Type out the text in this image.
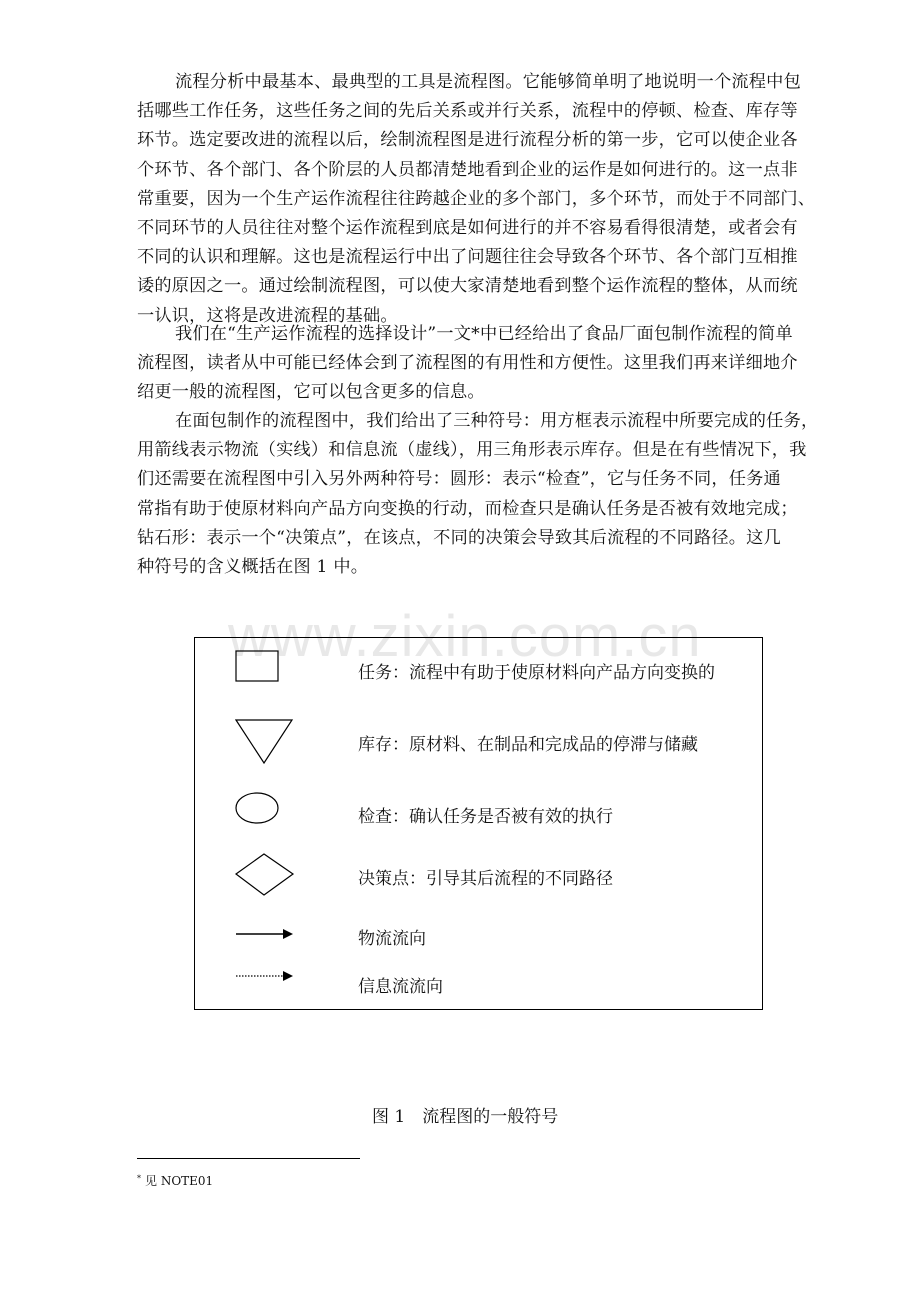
流程分析中最基本、最典型的工具是流程图。它能够简单明了地说明一个流程中包
括哪些工作任务，这些任务之间的先后关系或并行关系，流程中的停顿、检查、库存等
环节。选定要改进的流程以后，绘制流程图是进行流程分析的第一步，它可以使企业各
个环节、各个部门、各个阶层的人员都清楚地看到企业的运作是如何进行的。这一点非
常重要，因为一个生产运作流程往往跨越企业的多个部门，多个环节，而处于不同部门、
不同环节的人员往往对整个运作流程到底是如何进行的并不容易看得很清楚，或者会有
不同的认识和理解。这也是流程运行中出了问题往往会导致各个环节、各个部门互相推
诿的原因之一。通过绘制流程图，可以使大家清楚地看到整个运作流程的整体，从而统
一认识，这将是改进流程的基础。
我们在“生产运作流程的选择设计”一文*中已经给出了食品厂面包制作流程的简单
流程图，读者从中可能已经体会到了流程图的有用性和方便性。这里我们再来详细地介
绍更一般的流程图，它可以包含更多的信息。
在面包制作的流程图中，我们给出了三种符号：用方框表示流程中所要完成的任务，
用箭线表示物流（实线）和信息流（虚线），用三角形表示库存。但是在有些情况下，我
们还需要在流程图中引入另外两种符号：圆形：表示“检查”，它与任务不同，任务通
常指有助于使原材料向产品方向变换的行动，而检查只是确认任务是否被有效地完成；
钻石形：表示一个“决策点”，在该点，不同的决策会导致其后流程的不同路径。这几
种符号的含义概括在图 1 中。
www.zixin.com.cn
任务：流程中有助于使原材料向产品方向变换的
库存：原材料、在制品和完成品的停滞与储藏
检查：确认任务是否被有效的执行
决策点：引导其后流程的不同路径
物流流向
信息流流向
图 1　流程图的一般符号
* 见 NOTE01
